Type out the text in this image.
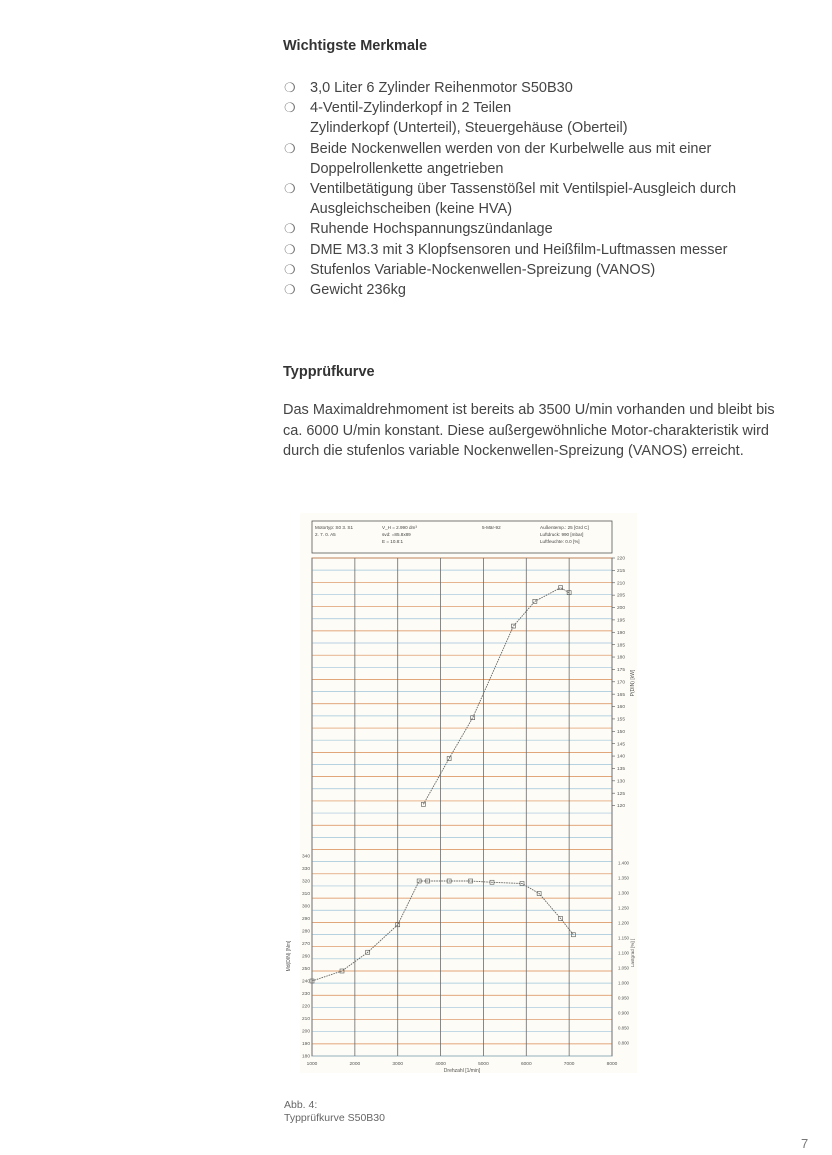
Wichtigste Merkmale
❍ 3,0 Liter 6 Zylinder Reihenmotor S50B30
❍ 4-Ventil-Zylinderkopf in 2 Teilen
Zylinderkopf (Unterteil), Steuergehäuse (Oberteil)
❍ Beide Nockenwellen werden von der Kurbelwelle aus mit einer Doppelrollenkette angetrieben
❍ Ventilbetätigung über Tassenstößel mit Ventilspiel-Ausgleich durch Ausgleichscheiben (keine HVA)
❍ Ruhende Hochspannungszündanlage
❍ DME M3.3 mit 3 Klopfsensoren und Heißfilm-Luftmassen messer
❍ Stufenlos Variable-Nockenwellen-Spreizung (VANOS)
❍ Gewicht 236kg
Typprüfkurve

Das Maximaldrehmoment ist bereits ab 3500 U/min vorhanden und bleibt bis ca. 6000 U/min konstant. Diese außergewöhnliche Motor-charakteristik wird durch die stufenlos variable Nockenwellen-Spreizung (VANOS) erreicht.

Motortyp: S0 3. S1
2. 7. 0. A5
V_H = 2.990 dm³
svd: =85.8x89
E = 10.8:1
5-Mär-92	Außentemp.: 25 [Grd C]
Luftdruck: 990 [mbar]
Luftfeuchte: 0.0 [%]
220
215
210
205
200
195
190
185
180
175
170
165
160
155
150
145
140
135
130
125
120
P(DIN) [kW]
340
330
320
310
300
290
280
270
260
250
240
230
220
210
200
190
180
Md(DIN) [Nm]
1.400
1.350
1.300
1.250
1.200
1.150
1.100
1.050
1.000
0.950
0.900
0.850
0.800
Lastgrad [%] [
1000	2000	3000	4000	5000	6000	7000	8000
Drehzahl [1/min]
Abb. 4:
Typprüfkurve S50B30
7
